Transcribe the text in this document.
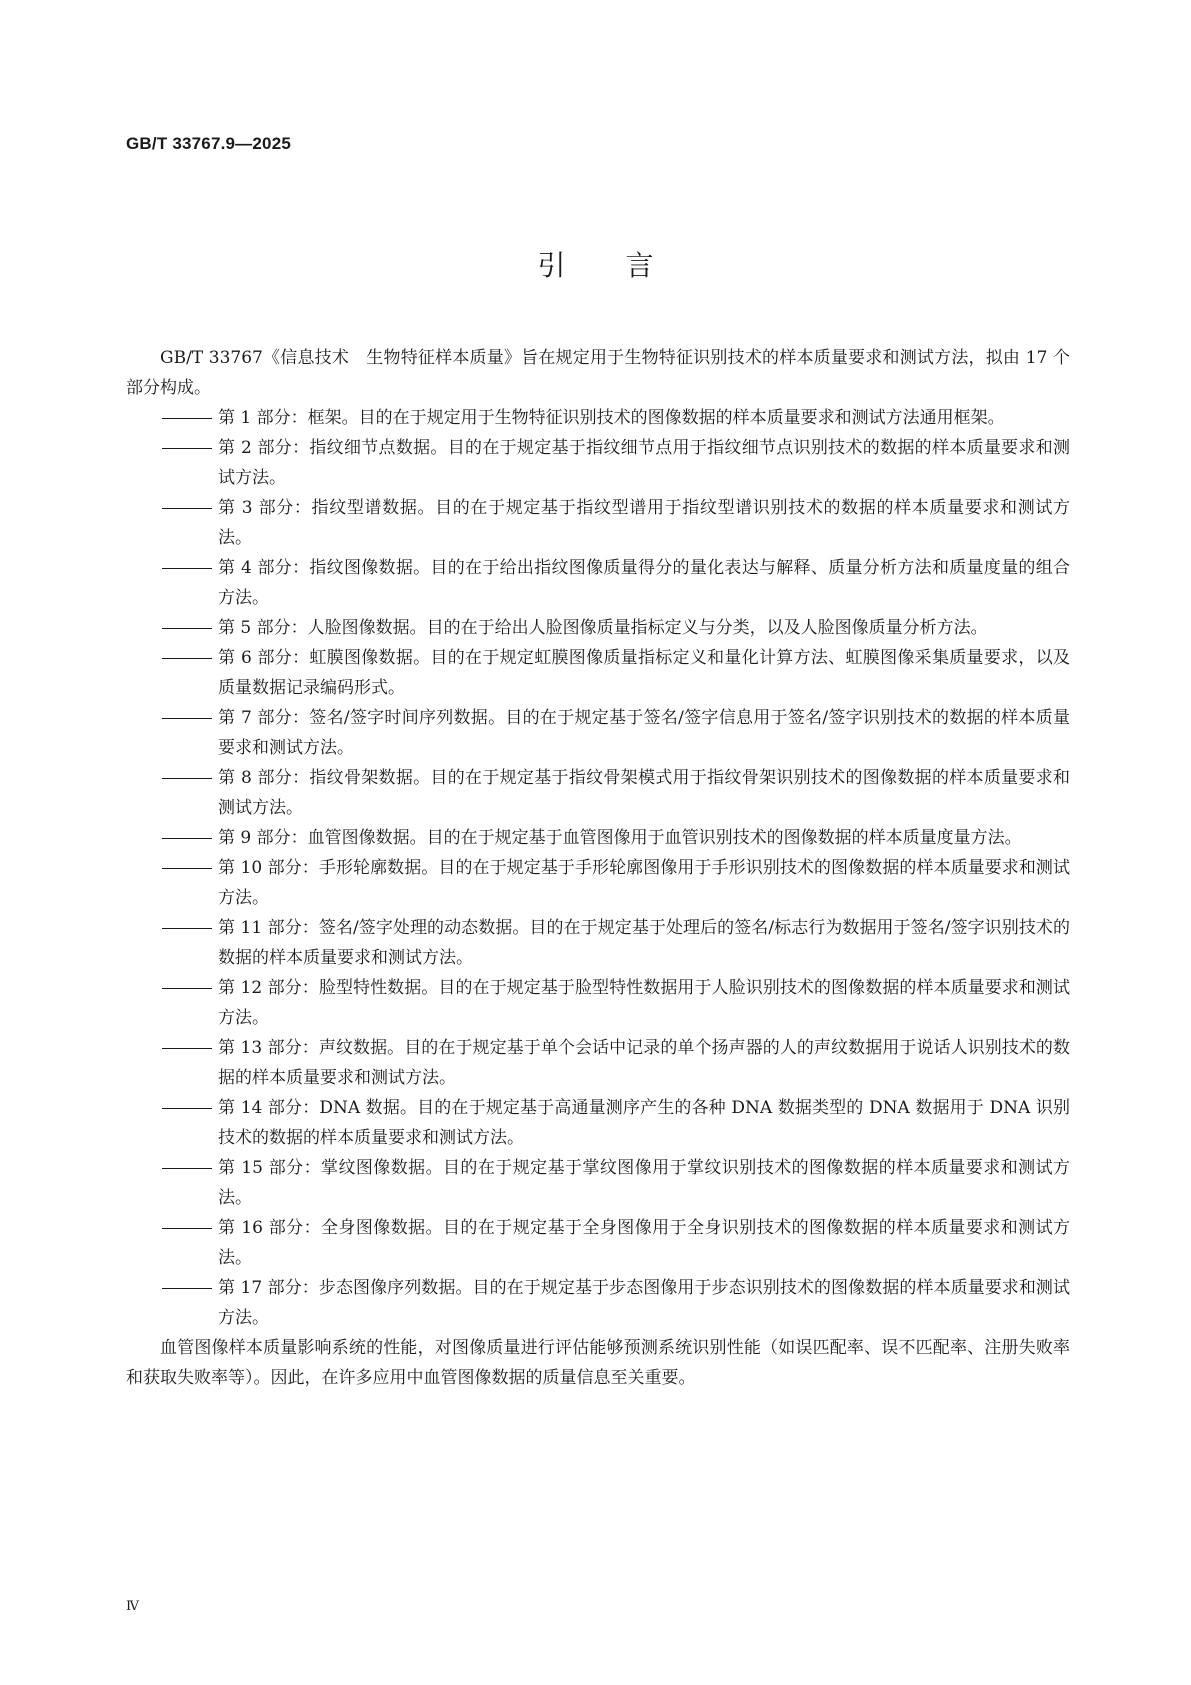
GB/T 33767.9—2025
引言

GB/T 33767《信息技术　生物特征样本质量》旨在规定用于生物特征识别技术的样本质量要求和测试方法，拟由 17 个部分构成。

第 1 部分：框架。目的在于规定用于生物特征识别技术的图像数据的样本质量要求和测试方法通用框架。
第 2 部分：指纹细节点数据。目的在于规定基于指纹细节点用于指纹细节点识别技术的数据的样本质量要求和测试方法。
第 3 部分：指纹型谱数据。目的在于规定基于指纹型谱用于指纹型谱识别技术的数据的样本质量要求和测试方法。
第 4 部分：指纹图像数据。目的在于给出指纹图像质量得分的量化表达与解释、质量分析方法和质量度量的组合方法。
第 5 部分：人脸图像数据。目的在于给出人脸图像质量指标定义与分类，以及人脸图像质量分析方法。
第 6 部分：虹膜图像数据。目的在于规定虹膜图像质量指标定义和量化计算方法、虹膜图像采集质量要求，以及质量数据记录编码形式。
第 7 部分：签名/签字时间序列数据。目的在于规定基于签名/签字信息用于签名/签字识别技术的数据的样本质量要求和测试方法。
第 8 部分：指纹骨架数据。目的在于规定基于指纹骨架模式用于指纹骨架识别技术的图像数据的样本质量要求和测试方法。
第 9 部分：血管图像数据。目的在于规定基于血管图像用于血管识别技术的图像数据的样本质量度量方法。
第 10 部分：手形轮廓数据。目的在于规定基于手形轮廓图像用于手形识别技术的图像数据的样本质量要求和测试方法。
第 11 部分：签名/签字处理的动态数据。目的在于规定基于处理后的签名/标志行为数据用于签名/签字识别技术的数据的样本质量要求和测试方法。
第 12 部分：脸型特性数据。目的在于规定基于脸型特性数据用于人脸识别技术的图像数据的样本质量要求和测试方法。
第 13 部分：声纹数据。目的在于规定基于单个会话中记录的单个扬声器的人的声纹数据用于说话人识别技术的数据的样本质量要求和测试方法。
第 14 部分：DNA 数据。目的在于规定基于高通量测序产生的各种 DNA 数据类型的 DNA 数据用于 DNA 识别技术的数据的样本质量要求和测试方法。
第 15 部分：掌纹图像数据。目的在于规定基于掌纹图像用于掌纹识别技术的图像数据的样本质量要求和测试方法。
第 16 部分：全身图像数据。目的在于规定基于全身图像用于全身识别技术的图像数据的样本质量要求和测试方法。
第 17 部分：步态图像序列数据。目的在于规定基于步态图像用于步态识别技术的图像数据的样本质量要求和测试方法。

血管图像样本质量影响系统的性能，对图像质量进行评估能够预测系统识别性能（如误匹配率、误不匹配率、注册失败率和获取失败率等）。因此，在许多应用中血管图像数据的质量信息至关重要。

Ⅳ
